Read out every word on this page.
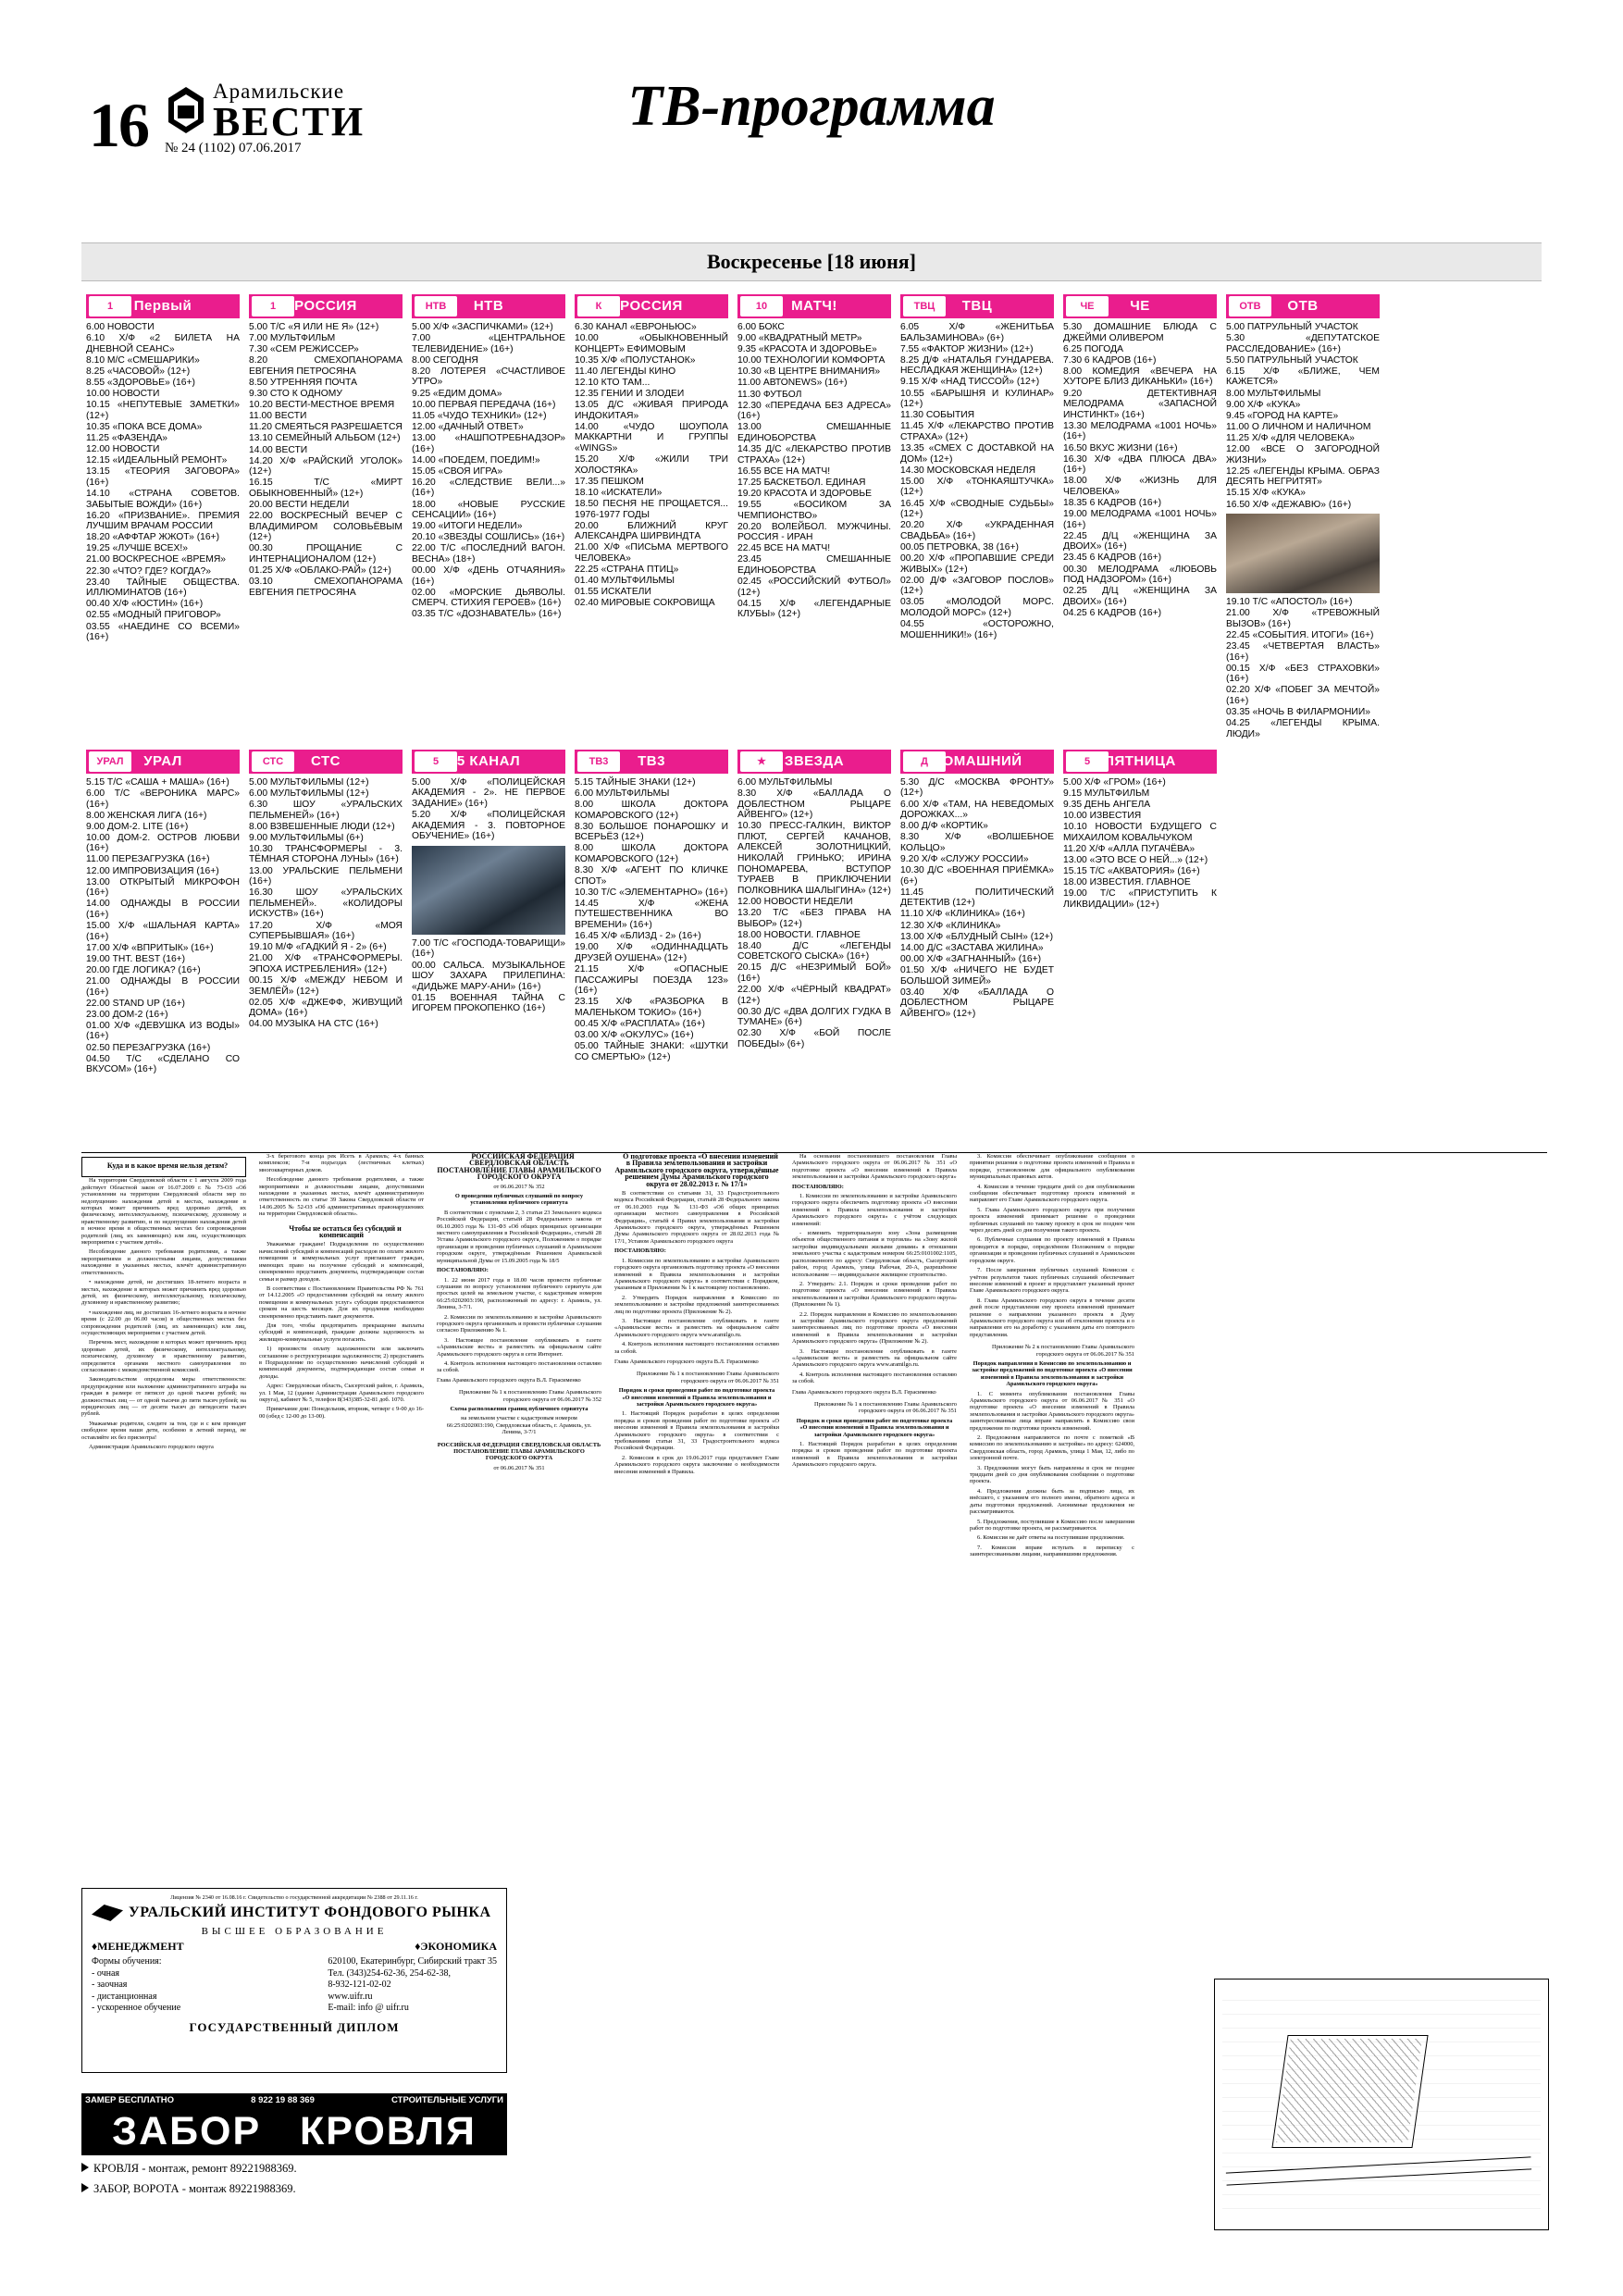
16	Арамильские
ВЕСТИ
№ 24 (1102) 07.06.2017
ТВ-программа
Воскресенье [18 июня]
1	Первый
6.00 НОВОСТИ
6.10 Х/Ф «2 БИЛЕТА НА ДНЕВНОЙ СЕАНС»
8.10 М/С «СМЕШАРИКИ»
8.25 «ЧАСОВОЙ» (12+)
8.55 «ЗДОРОВЬЕ» (16+)
10.00 НОВОСТИ
10.15 «НЕПУТЕВЫЕ ЗАМЕТКИ» (12+)
10.35 «ПОКА ВСЕ ДОМА»
11.25 «ФАЗЕНДА»
12.00 НОВОСТИ
12.15 «ИДЕАЛЬНЫЙ РЕМОНТ»
13.15 «ТЕОРИЯ ЗАГОВОРА» (16+)
14.10 «СТРАНА СОВЕТОВ. ЗАБЫТЫЕ ВОЖДИ» (16+)
16.20 «ПРИЗВАНИЕ». ПРЕМИЯ ЛУЧШИМ ВРАЧАМ РОССИИ
18.20 «АФФТАР ЖЖОТ» (16+)
19.25 «ЛУЧШЕ ВСЕХ!»
21.00 ВОСКРЕСНОЕ «ВРЕМЯ»
22.30 «ЧТО? ГДЕ? КОГДА?»
23.40 ТАЙНЫЕ ОБЩЕСТВА. ИЛЛЮМИНАТОВ (16+)
00.40 Х/Ф «ЮСТИН» (16+)
02.55 «МОДНЫЙ ПРИГОВОР»
03.55 «НАЕДИНЕ СО ВСЕМИ» (16+)
1	РОССИЯ
5.00 Т/С «Я ИЛИ НЕ Я» (12+)
7.00 МУЛЬТФИЛЬМ
7.30 «СЕМ РЕЖИССЕР»
8.20 СМЕХОПАНОРАМА ЕВГЕНИЯ ПЕТРОСЯНА
8.50 УТРЕННЯЯ ПОЧТА
9.30 СТО К ОДНОМУ
10.20 ВЕСТИ-МЕСТНОЕ ВРЕМЯ
11.00 ВЕСТИ
11.20 СМЕЯТЬСЯ РАЗРЕШАЕТСЯ
13.10 СЕМЕЙНЫЙ АЛЬБОМ (12+)
14.00 ВЕСТИ
14.20 Х/Ф «РАЙСКИЙ УГОЛОК» (12+)
16.15 Т/С «МИРТ ОБЫКНОВЕННЫЙ» (12+)
20.00 ВЕСТИ НЕДЕЛИ
22.00 ВОСКРЕСНЫЙ ВЕЧЕР С ВЛАДИМИРОМ СОЛОВЬЁВЫМ (12+)
00.30 ПРОЩАНИЕ С ИНТЕРНАЦИОНАЛОМ (12+)
01.25 Х/Ф «ОБЛАКО-РАЙ» (12+)
03.10 СМЕХОПАНОРАМА ЕВГЕНИЯ ПЕТРОСЯНА
НТВ	НТВ
5.00 Х/Ф «ЗАСПИЧКАМИ» (12+)
7.00 «ЦЕНТРАЛЬНОЕ ТЕЛЕВИДЕНИЕ» (16+)
8.00 СЕГОДНЯ
8.20 ЛОТЕРЕЯ «СЧАСТЛИВОЕ УТРО»
9.25 «ЕДИМ ДОМА»
10.00 ПЕРВАЯ ПЕРЕДАЧА (16+)
11.05 «ЧУДО ТЕХНИКИ» (12+)
12.00 «ДАЧНЫЙ ОТВЕТ»
13.00 «НАШПОТРЕБНАДЗОР» (16+)
14.00 «ПОЕДЕМ, ПОЕДИМ!»
15.05 «СВОЯ ИГРА»
16.20 «СЛЕДСТВИЕ ВЕЛИ...» (16+)
18.00 «НОВЫЕ РУССКИЕ СЕНСАЦИИ» (16+)
19.00 «ИТОГИ НЕДЕЛИ»
20.10 «ЗВЕЗДЫ СОШЛИСЬ» (16+)
22.00 Т/С «ПОСЛЕДНИЙ ВАГОН. ВЕСНА» (18+)
00.00 Х/Ф «ДЕНЬ ОТЧАЯНИЯ» (16+)
02.00 «МОРСКИЕ ДЬЯВОЛЫ. СМЕРЧ. СТИХИЯ ГЕРОЕВ» (16+)
03.35 Т/С «ДОЗНАВАТЕЛЬ» (16+)
К	РОССИЯ
6.30 КАНАЛ «ЕВРОНЬЮС»
10.00 «ОБЫКНОВЕННЫЙ КОНЦЕРТ» ЕФИМОВЫМ
10.35 Х/Ф «ПОЛУСТАНОК»
11.40 ЛЕГЕНДЫ КИНО
12.10 КТО ТАМ...
12.35 ГЕНИИ И ЗЛОДЕИ
13.05 Д/С «ЖИВАЯ ПРИРОДА ИНДОКИТАЯ»
14.00 «ЧУДО ШОУПОЛА МАККАРТНИ И ГРУППЫ «WINGS»
15.20 Х/Ф «ЖИЛИ ТРИ ХОЛОСТЯКА»
17.35 ПЕШКОМ
18.10 «ИСКАТЕЛИ»
18.50 ПЕСНЯ НЕ ПРОЩАЕТСЯ... 1976-1977 ГОДЫ
20.00 БЛИЖНИЙ КРУГ АЛЕКСАНДРА ШИРВИНДТА
21.00 Х/Ф «ПИСЬМА МЕРТВОГО ЧЕЛОВЕКА»
22.25 «СТРАНА ПТИЦ»
01.40 МУЛЬТФИЛЬМЫ
01.55 ИСКАТЕЛИ
02.40 МИРОВЫЕ СОКРОВИЩА
10	МАТЧ!
6.00 БОКС
9.00 «КВАДРАТНЫЙ МЕТР»
9.35 «КРАСОТА И ЗДОРОВЬЕ»
10.00 ТЕХНОЛОГИИ КОМФОРТА
10.30 «В ЦЕНТРЕ ВНИМАНИЯ»
11.00 АВТОNEWS» (16+)
11.30 ФУТБОЛ
12.30 «ПЕРЕДАЧА БЕЗ АДРЕСА» (16+)
13.00 СМЕШАННЫЕ ЕДИНОБОРСТВА
14.35 Д/С «ЛЕКАРСТВО ПРОТИВ СТРАХА» (12+)
16.55 ВСЕ НА МАТЧ!
17.25 БАСКЕТБОЛ. ЕДИНАЯ
19.20 КРАСОТА И ЗДОРОВЬЕ
19.55 «БОСИКОМ ЗА ЧЕМПИОНСТВО»
20.20 ВОЛЕЙБОЛ. МУЖЧИНЫ. РОССИЯ - ИРАН
22.45 ВСЕ НА МАТЧ!
23.45 СМЕШАННЫЕ ЕДИНОБОРСТВА
02.45 «РОССИЙСКИЙ ФУТБОЛ» (12+)
04.15 Х/Ф «ЛЕГЕНДАРНЫЕ КЛУБЫ» (12+)
ТВЦ	ТВЦ
6.05 Х/Ф «ЖЕНИТЬБА БАЛЬЗАМИНОВА» (6+)
7.55 «ФАКТОР ЖИЗНИ» (12+)
8.25 Д/Ф «НАТАЛЬЯ ГУНДАРЕВА. НЕСЛАДКАЯ ЖЕНЩИНА» (12+)
9.15 Х/Ф «НАД ТИССОЙ» (12+)
10.55 «БАРЫШНЯ И КУЛИНАР» (12+)
11.30 СОБЫТИЯ
11.45 Х/Ф «ЛЕКАРСТВО ПРОТИВ СТРАХА» (12+)
13.35 «СМЕХ С ДОСТАВКОЙ НА ДОМ» (12+)
14.30 МОСКОВСКАЯ НЕДЕЛЯ
15.00 Х/Ф «ТОНКАЯШТУЧКА» (12+)
16.45 Х/Ф «СВОДНЫЕ СУДЬБЫ» (12+)
20.20 Х/Ф «УКРАДЕННАЯ СВАДЬБА» (16+)
00.05 ПЕТРОВКА, 38 (16+)
00.20 Х/Ф «ПРОПАВШИЕ СРЕДИ ЖИВЫХ» (12+)
02.00 Д/Ф «ЗАГОВОР ПОСЛОВ» (12+)
03.05 «МОЛОДОЙ МОРС. МОЛОДОЙ МОРС» (12+)
04.55 «ОСТОРОЖНО, МОШЕННИКИ!» (16+)
ЧЕ	ЧЕ
5.30 ДОМАШНИЕ БЛЮДА С ДЖЕЙМИ ОЛИВЕРОМ
6.25 ПОГОДА
7.30 6 КАДРОВ (16+)
8.00 КОМЕДИЯ «ВЕЧЕРА НА ХУТОРЕ БЛИЗ ДИКАНЬКИ» (16+)
9.20 ДЕТЕКТИВНАЯ МЕЛОДРАМА «ЗАПАСНОЙ ИНСТИНКТ» (16+)
13.30 МЕЛОДРАМА «1001 НОЧЬ» (16+)
16.50 ВКУС ЖИЗНИ (16+)
16.30 Х/Ф «ДВА ПЛЮСА ДВА» (16+)
18.00 Х/Ф «ЖИЗНЬ ДЛЯ ЧЕЛОВЕКА»
18.35 6 КАДРОВ (16+)
19.00 МЕЛОДРАМА «1001 НОЧЬ» (16+)
22.45 Д/Ц «ЖЕНЩИНА ЗА ДВОИХ» (16+)
23.45 6 КАДРОВ (16+)
00.30 МЕЛОДРАМА «ЛЮБОВЬ ПОД НАДЗОРОМ» (16+)
02.25 Д/Ц «ЖЕНЩИНА ЗА ДВОИХ» (16+)
04.25 6 КАДРОВ (16+)
ОТВ	ОТВ
5.00 ПАТРУЛЬНЫЙ УЧАСТОК
5.30 «ДЕПУТАТСКОЕ РАССЛЕДОВАНИЕ» (16+)
5.50 ПАТРУЛЬНЫЙ УЧАСТОК
6.15 Х/Ф «БЛИЖЕ, ЧЕМ КАЖЕТСЯ»
8.00 МУЛЬТФИЛЬМЫ
9.00 Х/Ф «КУКА»
9.45 «ГОРОД НА КАРТЕ»
11.00 О ЛИЧНОМ И НАЛИЧНОМ
11.25 Х/Ф «ДЛЯ ЧЕЛОВЕКА»
12.00 «ВСЕ О ЗАГОРОДНОЙ ЖИЗНИ»
12.25 «ЛЕГЕНДЫ КРЫМА. ОБРАЗ ДЕСЯТЬ НЕГРИТЯТ»
15.15 Х/Ф «КУКА»
16.50 Х/Ф «ДЕЖАВЮ» (16+)
19.10 Т/С «АПОСТОЛ» (16+)
21.00 Х/Ф «ТРЕВОЖНЫЙ ВЫЗОВ» (16+)
22.45 «СОБЫТИЯ. ИТОГИ» (16+)
23.45 «ЧЕТВЕРТАЯ ВЛАСТЬ» (16+)
00.15 Х/Ф «БЕЗ СТРАХОВКИ» (16+)
02.20 Х/Ф «ПОБЕГ ЗА МЕЧТОЙ» (16+)
03.35 «НОЧЬ В ФИЛАРМОНИИ»
04.25 «ЛЕГЕНДЫ КРЫМА. ЛЮДИ»
УРАЛ	УРАЛ
5.15 Т/С «САША + МАША» (16+)
6.00 Т/С «ВЕРОНИКА МАРС» (16+)
8.00 ЖЕНСКАЯ ЛИГА (16+)
9.00 ДОМ-2. LITE (16+)
10.00 ДОМ-2. ОСТРОВ ЛЮБВИ (16+)
11.00 ПЕРЕЗАГРУЗКА (16+)
12.00 ИМПРОВИЗАЦИЯ (16+)
13.00 ОТКРЫТЫЙ МИКРОФОН (16+)
14.00 ОДНАЖДЫ В РОССИИ (16+)
15.00 Х/Ф «ШАЛЬНАЯ КАРТА» (16+)
17.00 Х/Ф «ВПРИТЫК» (16+)
19.00 ТНТ. BEST (16+)
20.00 ГДЕ ЛОГИКА? (16+)
21.00 ОДНАЖДЫ В РОССИИ (16+)
22.00 STAND UP (16+)
23.00 ДОМ-2 (16+)
01.00 Х/Ф «ДЕВУШКА ИЗ ВОДЫ» (16+)
02.50 ПЕРЕЗАГРУЗКА (16+)
04.50 Т/С «СДЕЛАНО СО ВКУСОМ» (16+)
СТС	СТС
5.00 МУЛЬТФИЛЬМЫ (12+)
6.00 МУЛЬТФИЛЬМЫ (12+)
6.30 ШОУ «УРАЛЬСКИХ ПЕЛЬМЕНЕЙ» (16+)
8.00 ВЗВЕШЕННЫЕ ЛЮДИ (12+)
9.00 МУЛЬТФИЛЬМЫ (6+)
10.30 ТРАНСФОРМЕРЫ - 3. ТЁМНАЯ СТОРОНА ЛУНЫ» (16+)
13.00 УРАЛЬСКИЕ ПЕЛЬМЕНИ (16+)
16.30 ШОУ «УРАЛЬСКИХ ПЕЛЬМЕНЕЙ». «КОЛИДОРЫ ИСКУСТВ» (16+)
17.20 Х/Ф «МОЯ СУПЕРБЫВШАЯ» (16+)
19.10 М/Ф «ГАДКИЙ Я - 2» (6+)
21.00 Х/Ф «ТРАНСФОРМЕРЫ. ЭПОХА ИСТРЕБЛЕНИЯ» (12+)
00.15 Х/Ф «МЕЖДУ НЕБОМ И ЗЕМЛЁЙ» (12+)
02.05 Х/Ф «ДЖЕФФ, ЖИВУЩИЙ ДОМА» (16+)
04.00 МУЗЫКА НА СТС (16+)
5	5 КАНАЛ
5.00 Х/Ф «ПОЛИЦЕЙСКАЯ АКАДЕМИЯ - 2». НЕ ПЕРВОЕ ЗАДАНИЕ» (16+)
5.20 Х/Ф «ПОЛИЦЕЙСКАЯ АКАДЕМИЯ - 3. ПОВТОРНОЕ ОБУЧЕНИЕ» (16+)
7.00 Т/С «ГОСПОДА-ТОВАРИЩИ» (16+)
00.00 САЛЬСА. МУЗЫКАЛЬНОЕ ШОУ ЗАХАРА ПРИЛЕПИНА: «ДИДЬЖЕ МАРУ-АНИ» (16+)
01.15 ВОЕННАЯ ТАЙНА С ИГОРЕМ ПРОКОПЕНКО (16+)
ТВ3	ТВ3
5.15 ТАЙНЫЕ ЗНАКИ (12+)
6.00 МУЛЬТФИЛЬМЫ
8.00 ШКОЛА ДОКТОРА КОМАРОВСКОГО (12+)
8.30 БОЛЬШОЕ ПОНАРОШКУ И ВСЕРЬЁЗ (12+)
8.00 ШКОЛА ДОКТОРА КОМАРОВСКОГО (12+)
8.30 Х/Ф «АГЕНТ ПО КЛИЧКЕ СПОТ»
10.30 Т/С «ЭЛЕМЕНТАРНО» (16+)
14.45 Х/Ф «ЖЕНА ПУТЕШЕСТВЕННИКА ВО ВРЕМЕНИ» (16+)
16.45 Х/Ф «БЛИЗД - 2» (16+)
19.00 Х/Ф «ОДИННАДЦАТЬ ДРУЗЕЙ ОУШЕНА» (12+)
21.15 Х/Ф «ОПАСНЫЕ ПАССАЖИРЫ ПОЕЗДА 123» (16+)
23.15 Х/Ф «РАЗБОРКА В МАЛЕНЬКОМ ТОКИО» (16+)
00.45 Х/Ф «РАСПЛАТА» (16+)
03.00 Х/Ф «ОКУЛУС» (16+)
05.00 ТАЙНЫЕ ЗНАКИ: «ШУТКИ СО СМЕРТЬЮ» (12+)
★	ЗВЕЗДА
6.00 МУЛЬТФИЛЬМЫ
8.30 Х/Ф «БАЛЛАДА О ДОБЛЕСТНОМ РЫЦАРЕ АЙВЕНГО» (12+)
10.30 ПРЕСС-ГАЛКИН, ВИКТОР ПЛЮТ, СЕРГЕЙ КАЧАНОВ, АЛЕКСЕЙ ЗОЛОТНИЦКИЙ, НИКОЛАЙ ГРИНЬКО; ИРИНА ПОНОМАРЕВА, ВСТУПОР ТУРАЕВ В ПРИКЛЮЧЕНИИ ПОЛКОВНИКА ШАЛЫГИНА» (12+)
12.00 НОВОСТИ НЕДЕЛИ
13.20 Т/С «БЕЗ ПРАВА НА ВЫБОР» (12+)
18.00 НОВОСТИ. ГЛАВНОЕ
18.40 Д/С «ЛЕГЕНДЫ СОВЕТСКОГО СЫСКА» (16+)
20.15 Д/С «НЕЗРИМЫЙ БОЙ» (16+)
22.00 Х/Ф «ЧЁРНЫЙ КВАДРАТ» (12+)
00.30 Д/С «ДВА ДОЛГИХ ГУДКА В ТУМАНЕ» (6+)
02.30 Х/Ф «БОЙ ПОСЛЕ ПОБЕДЫ» (6+)
Д ДОМАШНИЙ
5.30 Д/С «МОСКВА ФРОНТУ» (12+)
6.00 Х/Ф «ТАМ, НА НЕВЕДОМЫХ ДОРОЖКАХ...»
8.00 Д/Ф «КОРТИК»
8.30 Х/Ф «ВОЛШЕБНОЕ КОЛЬЦО»
9.20 Х/Ф «СЛУЖУ РОССИИ»
10.30 Д/С «ВОЕННАЯ ПРИЁМКА» (6+)
11.45 ПОЛИТИЧЕСКИЙ ДЕТЕКТИВ (12+)
11.10 Х/Ф «КЛИНИКА» (16+)
12.30 Х/Ф «КЛИНИКА»
13.00 Х/Ф «БЛУДНЫЙ СЫН» (12+)
14.00 Д/С «ЗАСТАВА ЖИЛИНА»
00.00 Х/Ф «ЗАГНАННЫЙ» (16+)
01.50 Х/Ф «НИЧЕГО НЕ БУДЕТ БОЛЬШОЙ ЗИМЕЙ»
03.40 Х/Ф «БАЛЛАДА О ДОБЛЕСТНОМ РЫЦАРЕ АЙВЕНГО» (12+)
5	ПЯТНИЦА
5.00 Х/Ф «ГРОМ» (16+)
9.15 МУЛЬТФИЛЬМ
9.35 ДЕНЬ АНГЕЛА
10.00 ИЗВЕСТИЯ
10.10 НОВОСТИ БУДУЩЕГО С МИХАИЛОМ КОВАЛЬЧУКОМ
11.20 Х/Ф «АЛЛА ПУГАЧЁВА»
13.00 «ЭТО ВСЕ О НЕЙ...» (12+)
15.15 Т/С «АКВАТОРИЯ» (16+)
18.00 ИЗВЕСТИЯ. ГЛАВНОЕ
19.00 Т/С «ПРИСТУПИТЬ К ЛИКВИДАЦИИ» (12+)

Куда и в какое время нельзя детям?

На территории Свердловской области с 1 августа 2009 года действует Областной закон от 16.07.2009 г. № 73-ОЗ «Об установлении на территории Свердловской области мер по недопущению нахождения детей в местах, нахождение в которых может причинить вред здоровью детей, их физическому, интеллектуальному, психическому, духовному и нравственному развитию, и по недопущению нахождения детей в ночное время в общественных местах без сопровождения родителей (лиц, их заменяющих) или лиц, осуществляющих мероприятия с участием детей».

Несоблюдение данного требования родителями, а также мероприятиями и должностными лицами, допустившими нахождение в указанных местах, влечёт административную ответственность.

• нахождение детей, не достигших 18-летнего возраста в местах, нахождение в которых может причинить вред здоровью детей, их физическому, интеллектуальному, психическому, духовному и нравственному развитию;

• нахождение лиц, не достигших 16-летнего возраста в ночное время (с 22.00 до 06.00 часов) в общественных местах без сопровождения родителей (лиц, их заменяющих) или лиц, осуществляющих мероприятия с участием детей.

Перечень мест, нахождение в которых может причинить вред здоровью детей, их физическому, интеллектуальному, психическому, духовному и нравственному развитию, определяется органами местного самоуправления по согласованию с межведомственной комиссией.

Законодательством определены меры ответственности: предупреждение или наложение административного штрафа на граждан в размере от пятисот до одной тысячи рублей; на должностных лиц — от одной тысячи до пяти тысяч рублей; на юридических лиц — от десяти тысяч до пятидесяти тысяч рублей.

Уважаемые родители, следите за тем, где и с кем проводят свободное время ваши дети, особенно в летний период, не оставляйте их без присмотра!

Администрация Арамильского городского округа

3-х берегового конца рек Исеть в Арамиль; 4-х банных комплексов; 7-и подъездах (лестничных клетках) многоквартирных домов.

Несоблюдение данного требования родителями, а также мероприятиями и должностными лицами, допустившими нахождение в указанных местах, влечёт административную ответственность по статье 39 Закона Свердловской области от 14.06.2005 № 52-ОЗ «Об административных правонарушениях на территории Свердловской области».

Чтобы не остаться без субсидий и компенсаций

Уважаемые граждане! Подразделения по осуществлению начислений субсидий и компенсаций расходов по оплате жилого помещения и коммунальных услуг приглашают граждан, имеющих право на получение субсидий и компенсаций, своевременно представить документы, подтверждающие состав семьи и размер доходов.

В соответствии с Постановлением Правительства РФ № 761 от 14.12.2005 «О предоставлении субсидий на оплату жилого помещения и коммунальных услуг» субсидии предоставляются сроком на шесть месяцев. Для их продления необходимо своевременно представить пакет документов.

Для того, чтобы предотвратить прекращение выплаты субсидий и компенсаций, граждане должны задолжность за жилищно-коммунальные услуги погасить.

1) произвести оплату задолженности или заключить соглашение о реструктуризации задолженности; 2) предоставить в Подразделение по осуществлению начислений субсидий и компенсаций документы, подтверждающие состав семьи и доходы.

Адрес: Свердловская область, Сысертский район, г. Арамиль, ул. 1 Мая, 12 (здание Администрации Арамильского городского округа), кабинет № 5, телефон 8(343)385-32-81 доб. 1070.

Примечание дни: Понедельник, вторник, четверг с 9-00 до 16-00 (обед с 12-00 до 13-00).

РОССИЙСКАЯ ФЕДЕРАЦИЯ СВЕРДЛОВСКАЯ ОБЛАСТЬ ПОСТАНОВЛЕНИЕ ГЛАВЫ АРАМИЛЬСКОГО ГОРОДСКОГО ОКРУГА

от 06.06.2017 № 352

О проведении публичных слушаний по вопросу установления публичного сервитута

В соответствии с пунктами 2, 3 статьи 23 Земельного кодекса Российской Федерации, статьёй 28 Федерального закона от 06.10.2003 года № 131-ФЗ «Об общих принципах организации местного самоуправления в Российской Федерации», статьёй 28 Устава Арамильского городского округа, Положением о порядке организации и проведения публичных слушаний в Арамильском городском округе, утверждённым Решением Арамильской муниципальной Думы от 15.09.2005 года № 18/5

ПОСТАНОВЛЯЮ:

1. 22 июня 2017 года в 18.00 часов провести публичные слушания по вопросу установления публичного сервитута для простых целей на земельном участке, с кадастровым номером 66:25:0202003:190, расположенный по адресу: г. Арамиль, ул. Ленина, 3-7/1.

2. Комиссии по землепользованию и застройке Арамильского городского округа организовать и провести публичные слушания согласно Приложению № 1.

3. Настоящее постановление опубликовать в газете «Арамильские вести» и разместить на официальном сайте Арамильского городского округа в сети Интернет.

4. Контроль исполнения настоящего постановления оставляю за собой.

Глава Арамильского городского округа В.Л. Герасименко

Приложение № 1 к постановлению Главы Арамильского городского округа от 06.06.2017 № 352

Схема расположения границ публичного сервитута

на земельном участке с кадастровым номером 66:25:0202003:190, Свердловская область, г. Арамиль, ул. Ленина, 3-7/1

РОССИЙСКАЯ ФЕДЕРАЦИЯ СВЕРДЛОВСКАЯ ОБЛАСТЬ ПОСТАНОВЛЕНИЕ ГЛАВЫ АРАМИЛЬСКОГО ГОРОДСКОГО ОКРУГА

от 06.06.2017 № 351

О подготовке проекта «О внесении изменений в Правила землепользования и застройки Арамильского городского округа, утверждённые решением Думы Арамильского городского округа от 28.02.2013 г. № 17/1»

В соответствии со статьями 31, 33 Градостроительного кодекса Российской Федерации, статьёй 28 Федерального закона от 06.10.2003 года № 131-ФЗ «Об общих принципах организации местного самоуправления в Российской Федерации», статьёй 4 Правил землепользования и застройки Арамильского городского округа, утверждённых Решением Думы Арамильского городского округа от 28.02.2013 года № 17/1, Уставом Арамильского городского округа

ПОСТАНОВЛЯЮ:

1. Комиссии по землепользованию и застройке Арамильского городского округа организовать подготовку проекта «О внесении изменений в Правила землепользования и застройки Арамильского городского округа» в соответствии с Порядком, указанным в Приложении № 1 к настоящему постановлению.

2. Утвердить Порядок направления в Комиссию по землепользованию и застройке предложений заинтересованных лиц по подготовке проекта (Приложение № 2).

3. Настоящее постановление опубликовать в газете «Арамильские вести» и разместить на официальном сайте Арамильского городского округа www.aramilgo.ru.

4. Контроль исполнения настоящего постановления оставляю за собой.

Глава Арамильского городского округа В.Л. Герасименко

Приложение № 1 к постановлению Главы Арамильского городского округа от 06.06.2017 № 351

Порядок и сроки проведения работ по подготовке проекта «О внесении изменений в Правила землепользования и застройки Арамильского городского округа»

1. Настоящий Порядок разработан в целях определения порядка и сроков проведения работ по подготовке проекта «О внесении изменений в Правила землепользования и застройки Арамильского городского округа» в соответствии с требованиями статьи 31, 33 Градостроительного кодекса Российской Федерации.

2. Комиссия в срок до 19.06.2017 года представляет Главе Арамильского городского округа заключение о необходимости внесения изменений в Правила.

На основании постановившего постановления Главы Арамильского городского округа от 06.06.2017 № 351 «О подготовке проекта «О внесении изменений в Правила землепользования и застройки Арамильского городского округа»

ПОСТАНОВЛЯЮ:

1. Комиссии по землепользованию и застройке Арамильского городского округа обеспечить подготовку проекта «О внесении изменений в Правила землепользования и застройки Арамильского городского округа» с учётом следующих изменений:

- изменить территориальную зону «Зона размещения объектов общественного питания и торговли» на «Зону жилой застройки индивидуальными жилыми домами» в отношении земельного участка с кадастровым номером 66:25:0101002:1105, расположенного по адресу: Свердловская область, Сысертский район, город Арамиль, улица Рабочая, 20-А, разрешённое использование — индивидуальное жилищное строительство.

2. Утвердить: 2.1. Порядок и сроки проведения работ по подготовке проекта «О внесении изменений в Правила землепользования и застройки Арамильского городского округа» (Приложение № 1).

2.2. Порядок направления в Комиссию по землепользованию и застройке Арамильского городского округа предложений заинтересованных лиц по подготовке проекта «О внесении изменений в Правила землепользования и застройки Арамильского городского округа» (Приложение № 2).

3. Настоящее постановление опубликовать в газете «Арамильские вести» и разместить на официальном сайте Арамильского городского округа www.aramilgo.ru.

4. Контроль исполнения настоящего постановления оставляю за собой.

Глава Арамильского городского округа В.Л. Герасименко

Приложение № 1 к постановлению Главы Арамильского городского округа от 06.06.2017 № 351

Порядок и сроки проведения работ по подготовке проекта «О внесении изменений в Правила землепользования и застройки Арамильского городского округа»

1. Настоящий Порядок разработан в целях определения порядка и сроков проведения работ по подготовке проекта изменений в Правила землепользования и застройки Арамильского городского округа.

3. Комиссия обеспечивает опубликование сообщения о принятии решения о подготовке проекта изменений в Правила в порядке, установленном для официального опубликования муниципальных правовых актов.

4. Комиссия в течение тридцати дней со дня опубликования сообщения обеспечивает подготовку проекта изменений и направляет его Главе Арамильского городского округа.

5. Глава Арамильского городского округа при получении проекта изменений принимает решение о проведении публичных слушаний по такому проекту в срок не позднее чем через десять дней со дня получения такого проекта.

6. Публичные слушания по проекту изменений в Правила проводятся в порядке, определённом Положением о порядке организации и проведения публичных слушаний в Арамильском городском округе.

7. После завершения публичных слушаний Комиссия с учётом результатов таких публичных слушаний обеспечивает внесение изменений в проект и представляет указанный проект Главе Арамильского городского округа.

8. Глава Арамильского городского округа в течение десяти дней после представления ему проекта изменений принимает решение о направлении указанного проекта в Думу Арамильского городского округа или об отклонении проекта и о направлении его на доработку с указанием даты его повторного представления.

Приложение № 2 к постановлению Главы Арамильского городского округа от 06.06.2017 № 351

Порядок направления в Комиссию по землепользованию и застройке предложений по подготовке проекта «О внесении изменений в Правила землепользования и застройки Арамильского городского округа»

1. С момента опубликования постановления Главы Арамильского городского округа от 06.06.2017 № 351 «О подготовке проекта «О внесении изменений в Правила землепользования и застройки Арамильского городского округа» заинтересованные лица вправе направлять в Комиссию свои предложения по подготовке проекта изменений.

2. Предложения направляются по почте с пометкой «В комиссию по землепользованию и застройке» по адресу: 624000, Свердловская область, город Арамиль, улица 1 Мая, 12, либо по электронной почте.

3. Предложения могут быть направлены в срок не позднее тридцати дней со дня опубликования сообщения о подготовке проекта.

4. Предложения должны быть за подписью лица, их внёсшего, с указанием его полного имени, обратного адреса и даты подготовки предложений. Анонимные предложения не рассматриваются.

5. Предложения, поступившие в Комиссию после завершения работ по подготовке проекта, не рассматриваются.

6. Комиссия не даёт ответы на поступившие предложения.

7. Комиссия вправе вступать в переписку с заинтересованными лицами, направившими предложения.

Лицензия № 2340 от 16.08.16 г. Свидетельство о государственной аккредитации № 2388 от 29.11.16 г.
УРАЛЬСКИЙ ИНСТИТУТ ФОНДОВОГО РЫНКА
ВЫСШЕЕ ОБРАЗОВАНИЕ
♦МЕНЕДЖМЕНТ	♦ЭКОНОМИКА
Формы обучения:
- очная
- заочная
- дистанционная
- ускоренное обучение
620100, Екатеринбург, Сибирский тракт 35
Тел. (343)254-62-36, 254-62-38,
8-932-121-02-02
www.uifr.ru
E-mail: info @ uifr.ru
ГОСУДАРСТВЕННЫЙ ДИПЛОМ
ЗАМЕР БЕСПЛАТНО	8 922 19 88 369	СТРОИТЕЛЬНЫЕ УСЛУГИ
ЗАБОР КРОВЛЯ
КРОВЛЯ - монтаж, ремонт 89221988369.
ЗАБОР, ВОРОТА - монтаж 89221988369.
